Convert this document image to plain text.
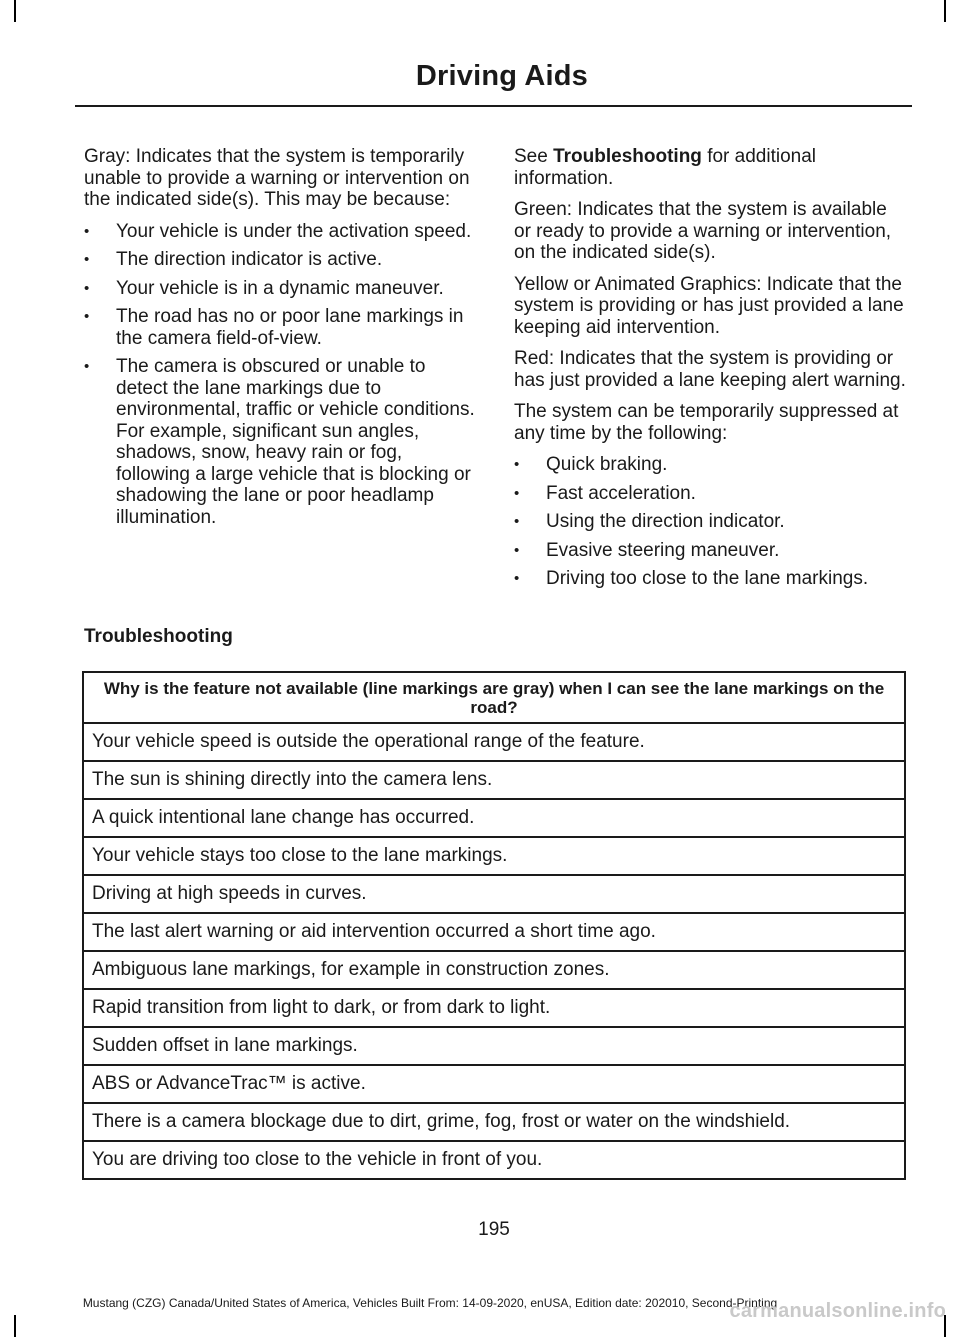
Driving Aids

Gray: Indicates that the system is temporarily unable to provide a warning or intervention on the indicated side(s). This may be because:

• Your vehicle is under the activation speed.
• The direction indicator is active.
• Your vehicle is in a dynamic maneuver.
• The road has no or poor lane markings in the camera field-of-view.
• The camera is obscured or unable to detect the lane markings due to environmental, traffic or vehicle conditions. For example, significant sun angles, shadows, snow, heavy rain or fog, following a large vehicle that is blocking or shadowing the lane or poor headlamp illumination.

See Troubleshooting for additional information.

Green: Indicates that the system is available or ready to provide a warning or intervention, on the indicated side(s).

Yellow or Animated Graphics: Indicate that the system is providing or has just provided a lane keeping aid intervention.

Red: Indicates that the system is providing or has just provided a lane keeping alert warning.

The system can be temporarily suppressed at any time by the following:

• Quick braking.
• Fast acceleration.
• Using the direction indicator.
• Evasive steering maneuver.
• Driving too close to the lane markings.
Troubleshooting
Why is the feature not available (line markings are gray) when I can see the lane markings on the road?
Your vehicle speed is outside the operational range of the feature.
The sun is shining directly into the camera lens.
A quick intentional lane change has occurred.
Your vehicle stays too close to the lane markings.
Driving at high speeds in curves.
The last alert warning or aid intervention occurred a short time ago.
Ambiguous lane markings, for example in construction zones.
Rapid transition from light to dark, or from dark to light.
Sudden offset in lane markings.
ABS or AdvanceTrac™ is active.
There is a camera blockage due to dirt, grime, fog, frost or water on the windshield.
You are driving too close to the vehicle in front of you.
195
Mustang (CZG) Canada/United States of America, Vehicles Built From: 14-09-2020, enUSA, Edition date: 202010, Second-Printing
carmanualsonline.info
